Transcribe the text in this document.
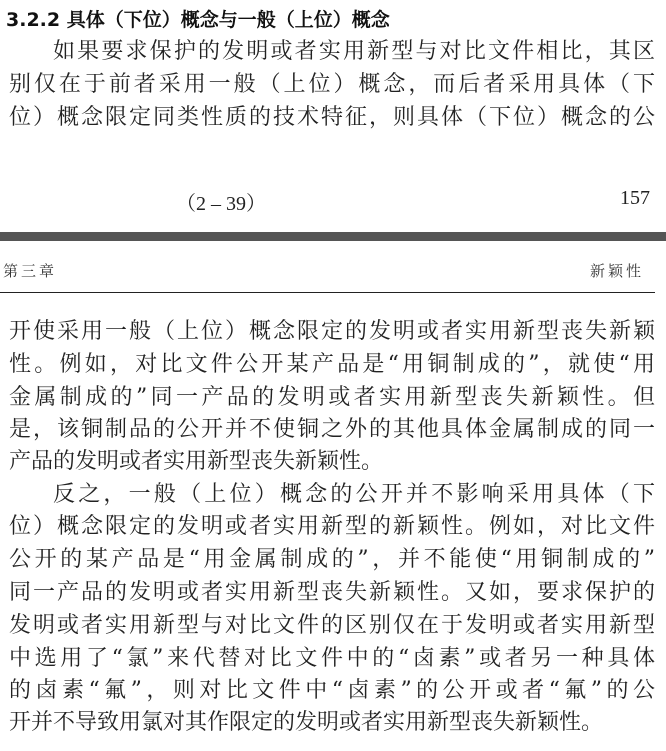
3.2.2 具体（下位）概念与一般（上位）概念
如果要求保护的发明或者实用新型与对比文件相比，其区
别仅在于前者采用一般（上位）概念，而后者采用具体（下
位）概念限定同类性质的技术特征，则具体（下位）概念的公
（2 – 39）	157
第三章	新颖性
开使采用一般（上位）概念限定的发明或者实用新型丧失新颖
性。例如，对比文件公开某产品是“用铜制成的”，就使“用
金属制成的”同一产品的发明或者实用新型丧失新颖性。但
是，该铜制品的公开并不使铜之外的其他具体金属制成的同一
产品的发明或者实用新型丧失新颖性。
反之，一般（上位）概念的公开并不影响采用具体（下
位）概念限定的发明或者实用新型的新颖性。例如，对比文件
公开的某产品是“用金属制成的”，并不能使“用铜制成的”
同一产品的发明或者实用新型丧失新颖性。又如，要求保护的
发明或者实用新型与对比文件的区别仅在于发明或者实用新型
中选用了“氯”来代替对比文件中的“卤素”或者另一种具体
的卤素“氟”，则对比文件中“卤素”的公开或者“氟”的公
开并不导致用氯对其作限定的发明或者实用新型丧失新颖性。
